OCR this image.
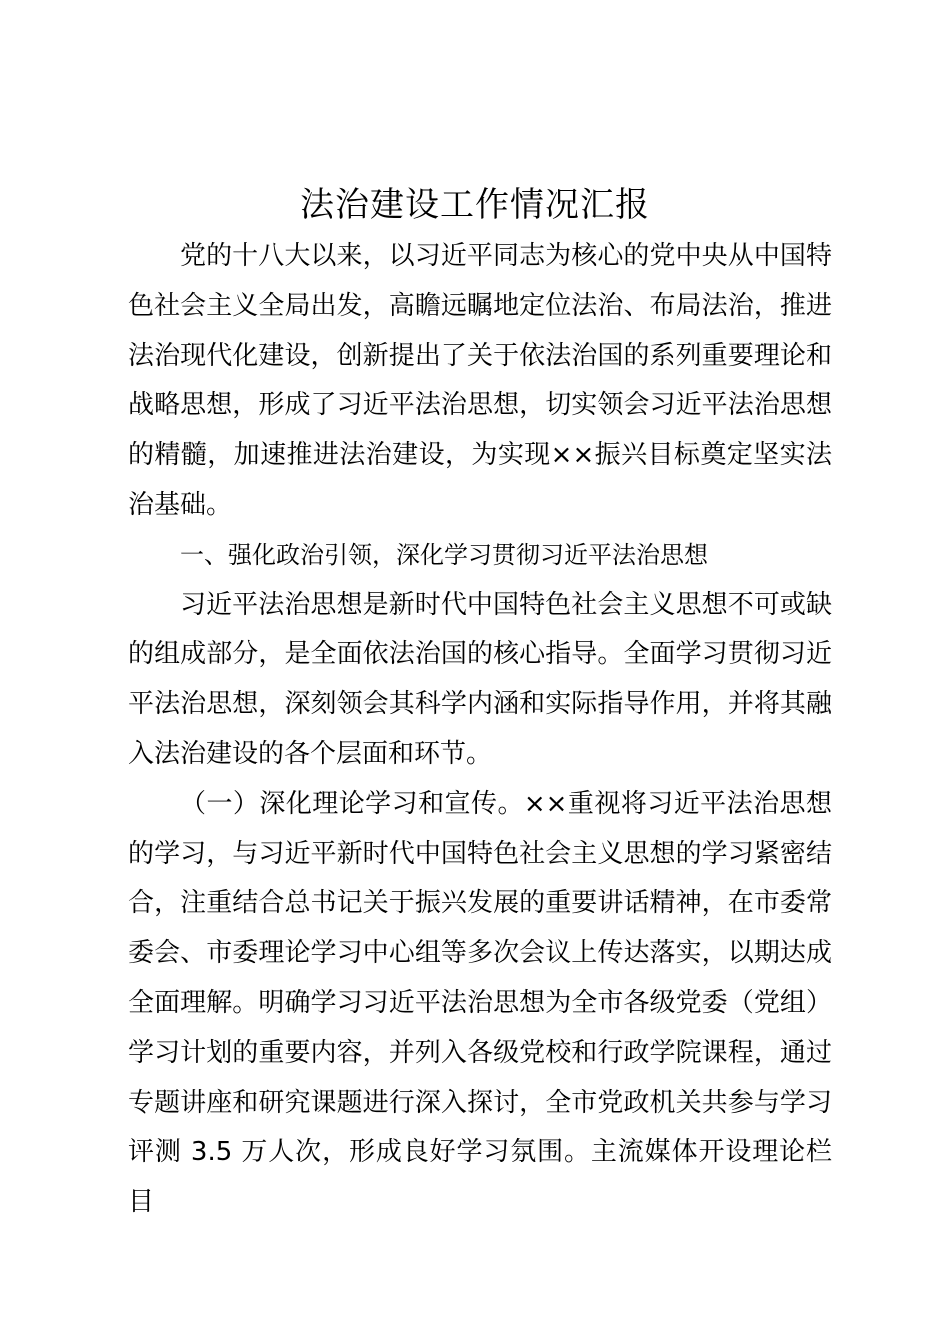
法治建设工作情况汇报

党的十八大以来，以习近平同志为核心的党中央从中国特色社会主义全局出发，高瞻远瞩地定位法治、布局法治，推进法治现代化建设，创新提出了关于依法治国的系列重要理论和战略思想，形成了习近平法治思想，切实领会习近平法治思想的精髓，加速推进法治建设，为实现××振兴目标奠定坚实法治基础。

一、强化政治引领，深化学习贯彻习近平法治思想

习近平法治思想是新时代中国特色社会主义思想不可或缺的组成部分，是全面依法治国的核心指导。全面学习贯彻习近平法治思想，深刻领会其科学内涵和实际指导作用，并将其融入法治建设的各个层面和环节。

（一）深化理论学习和宣传。××重视将习近平法治思想的学习，与习近平新时代中国特色社会主义思想的学习紧密结合，注重结合总书记关于振兴发展的重要讲话精神，在市委常委会、市委理论学习中心组等多次会议上传达落实，以期达成全面理解。明确学习习近平法治思想为全市各级党委（党组）学习计划的重要内容，并列入各级党校和行政学院课程，通过专题讲座和研究课题进行深入探讨，全市党政机关共参与学习评测 3.5 万人次，形成良好学习氛围。主流媒体开设理论栏目
